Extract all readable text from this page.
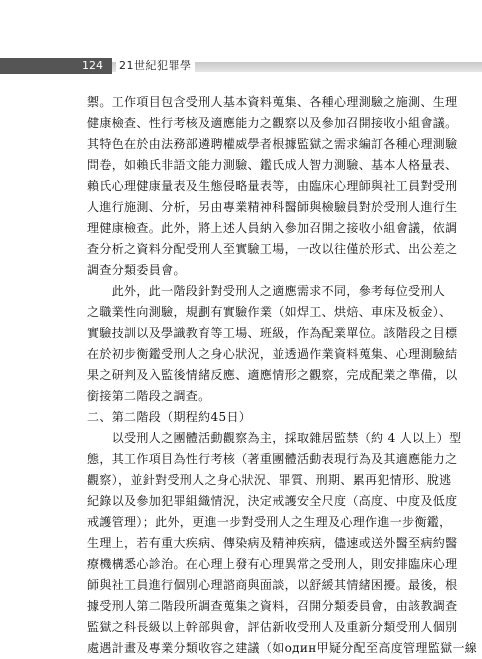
124 21世紀犯罪學
禦。工作項目包含受刑人基本資料蒐集、各種心理測驗之施測、生理
健康檢查、性行考核及適應能力之觀察以及參加召開接收小組會議。
其特色在於由法務部遴聘權威學者根據監獄之需求編訂各種心理測驗
問卷，如賴氏非語文能力測驗、鑑氏成人智力測驗、基本人格量表、
賴氏心理健康量表及生態侵略量表等，由臨床心理師與社工員對受刑
人進行施測、分析，另由專業精神科醫師與檢驗員對於受刑人進行生
理健康檢查。此外，將上述人員納入參加召開之接收小組會議，依調
查分析之資料分配受刑人至實驗工場，一改以往僅於形式、出公差之
調查分類委員會。
　　此外，此一階段針對受刑人之適應需求不同，參考每位受刑人
之職業性向測驗，規劃有實驗作業（如焊工、烘焙、車床及板金）、
實驗技訓以及學識教育等工場、班級，作為配業單位。該階段之目標
在於初步衡鑑受刑人之身心狀況，並透過作業資料蒐集、心理測驗結
果之研判及入監後情緒反應、適應情形之觀察，完成配業之準備，以
銜接第二階段之調查。
二、第二階段（期程約45日）
　　以受刑人之團體活動觀察為主，採取雜居監禁（約 4 人以上）型
態，其工作項目為性行考核（著重團體活動表現行為及其適應能力之
觀察），並針對受刑人之身心狀況、罪質、刑期、累再犯情形、脫逃
紀錄以及參加犯罪組織情況，決定戒護安全尺度（高度、中度及低度
戒護管理）；此外，更進一步對受刑人之生理及心理作進一步衡鑑，
生理上，若有重大疾病、傳染病及精神疾病，儘速或送外醫至病約醫
療機構悉心診治。在心理上發有心理異常之受刑人，則安排臨床心理
師與社工員進行個別心理諮商與面談，以舒緩其情緒困擾。最後，根
據受刑人第二階段所調查蒐集之資料，召開分類委員會，由該教調查
監獄之科長級以上幹部與會，評估新收受刑人及重新分類受刑人個別
處遇計畫及專業分類收容之建議（如один甲疑分配至高度管理監獄一線
